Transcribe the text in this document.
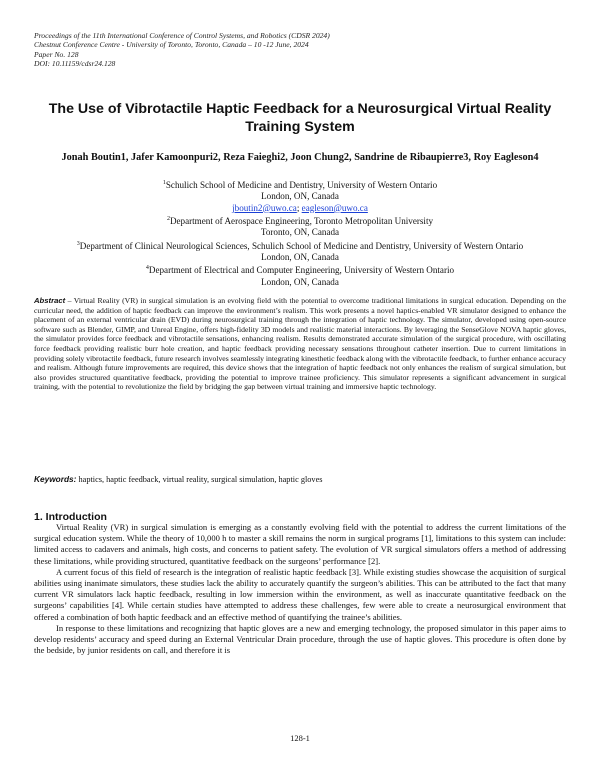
Proceedings of the 11th International Conference of Control Systems, and Robotics (CDSR 2024)
Chestnut Conference Centre - University of Toronto, Toronto, Canada – 10 -12 June, 2024
Paper No. 128
DOI: 10.11159/cdsr24.128
The Use of Vibrotactile Haptic Feedback for a Neurosurgical Virtual Reality Training System
Jonah Boutin1, Jafer Kamoonpuri2, Reza Faieghi2, Joon Chung2, Sandrine de Ribaupierre3, Roy Eagleson4
$^1$Schulich School of Medicine and Dentistry, University of Western Ontario
London, ON, Canada
jboutin2@uwo.ca; eagleson@uwo.ca
$^2$Department of Aerospace Engineering, Toronto Metropolitan University
Toronto, ON, Canada
$^3$Department of Clinical Neurological Sciences, Schulich School of Medicine and Dentistry, University of Western Ontario
London, ON, Canada
$^4$Department of Electrical and Computer Engineering, University of Western Ontario
London, ON, Canada
Abstract – Virtual Reality (VR) in surgical simulation is an evolving field with the potential to overcome traditional limitations in surgical education. Depending on the curricular need, the addition of haptic feedback can improve the environment’s realism. This work presents a novel haptics-enabled VR simulator designed to enhance the placement of an external ventricular drain (EVD) during neurosurgical training through the integration of haptic technology. The simulator, developed using open-source software such as Blender, GIMP, and Unreal Engine, offers high-fidelity 3D models and realistic material interactions. By leveraging the SenseGlove NOVA haptic gloves, the simulator provides force feedback and vibrotactile sensations, enhancing realism. Results demonstrated accurate simulation of the surgical procedure, with oscillating force feedback providing realistic burr hole creation, and haptic feedback providing necessary sensations throughout catheter insertion. Due to current limitations in providing solely vibrotactile feedback, future research involves seamlessly integrating kinesthetic feedback along with the vibrotactile feedback, to further enhance accuracy and realism. Although future improvements are required, this device shows that the integration of haptic feedback not only enhances the realism of surgical simulation, but also provides structured quantitative feedback, providing the potential to improve trainee proficiency. This simulator represents a significant advancement in surgical training, with the potential to revolutionize the field by bridging the gap between virtual training and immersive haptic technology.
Keywords: haptics, haptic feedback, virtual reality, surgical simulation, haptic gloves
1. Introduction

Virtual Reality (VR) in surgical simulation is emerging as a constantly evolving field with the potential to address the current limitations of the surgical education system. While the theory of 10,000 h to master a skill remains the norm in surgical programs [1], limitations to this system can include: limited access to cadavers and animals, high costs, and concerns to patient safety. The evolution of VR surgical simulators offers a method of addressing these limitations, while providing structured, quantitative feedback on the surgeons’ performance [2].

A current focus of this field of research is the integration of realistic haptic feedback [3]. While existing studies showcase the acquisition of surgical abilities using inanimate simulators, these studies lack the ability to accurately quantify the surgeon’s abilities. This can be attributed to the fact that many current VR simulators lack haptic feedback, resulting in low immersion within the environment, as well as inaccurate quantitative feedback on the surgeons’ capabilities [4]. While certain studies have attempted to address these challenges, few were able to create a neurosurgical environment that offered a combination of both haptic feedback and an effective method of quantifying the trainee’s abilities.

In response to these limitations and recognizing that haptic gloves are a new and emerging technology, the proposed simulator in this paper aims to develop residents’ accuracy and speed during an External Ventricular Drain procedure, through the use of haptic gloves. This procedure is often done by the bedside, by junior residents on call, and therefore it is

128-1
